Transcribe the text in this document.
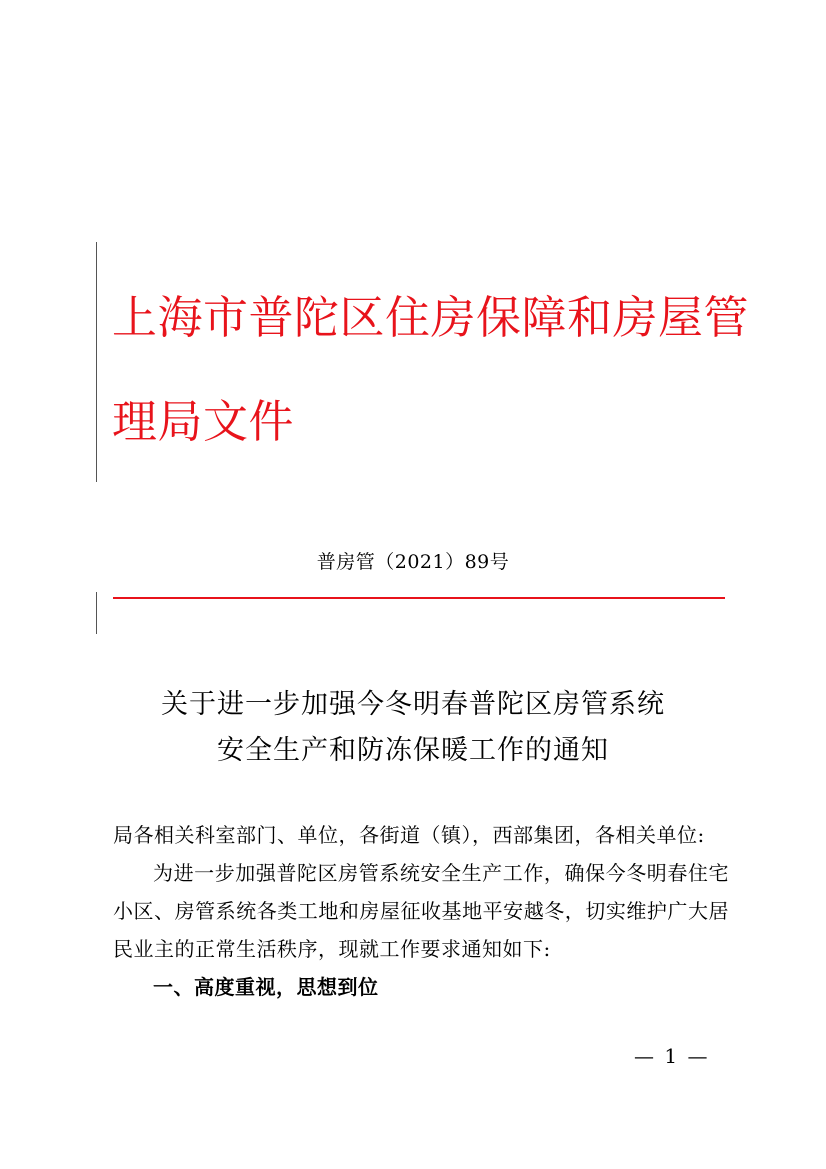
上海市普陀区住房保障和房屋管理局文件
普房管（2021）89号
关于进一步加强今冬明春普陀区房管系统
安全生产和防冻保暖工作的通知
局各相关科室部门、单位，各街道（镇），西部集团，各相关单位:
为进一步加强普陀区房管系统安全生产工作，确保今冬明春住宅小区、房管系统各类工地和房屋征收基地平安越冬，切实维护广大居民业主的正常生活秩序，现就工作要求通知如下:
一、高度重视，思想到位
— 1 —
